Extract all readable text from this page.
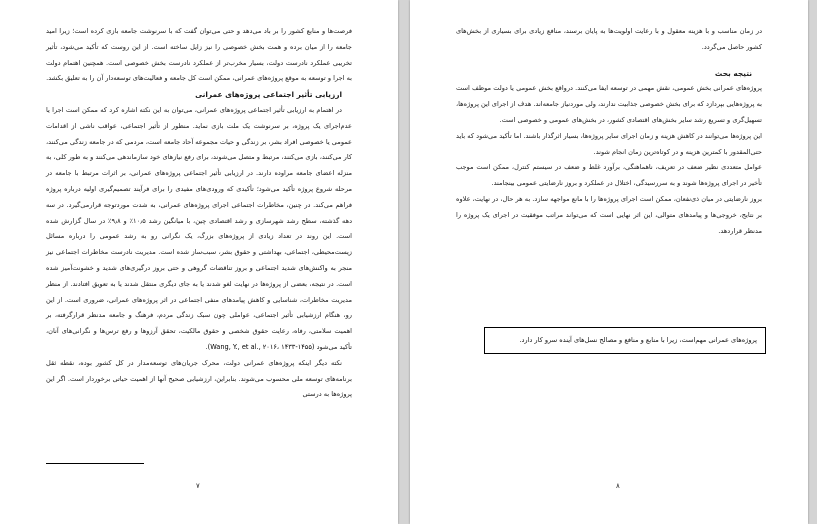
فرصت‌ها و منابع کشور را بر باد می‌دهد و حتی می‌توان گفت که با سرنوشت جامعه بازی کرده است؛ زیرا امید جامعه را از میان برده و همت بخش خصوصی را نیز زایل ساخته است. از این روست که تأکید می‌شود، تأثیر تخریبی عملکرد نادرست دولت، بسیار مخرب‌تر از عملکرد نادرست بخش خصوصی است. همچنین اهتمام دولت به اجرا و توسعه به موقع پروژه‌های عمرانی، ممکن است کل جامعه و فعالیت‌های توسعه‌دار آن را به تعلیق بکشد.

ارزیابی تأثیر اجتماعی پروژه‌های عمرانی

در اهتمام به ارزیابی تأثیر اجتماعی پروژه‌های عمرانی، می‌توان به این نکته اشاره کرد که ممکن است اجرا یا عدم‌اجرای یک پروژه، بر سرنوشت یک ملت بازی نماید. منظور از تأثیر اجتماعی، عواقب ناشی از اقدامات عمومی یا خصوصی افراد بشر، بر زندگی و حیات مجموعه آحاد جامعه است، مردمی که در جامعه زندگی می‌کنند، کار می‌کنند، بازی می‌کنند، مرتبط و متصل می‌شوند، برای رفع نیازهای خود سازماندهی می‌کنند و به طور کلی، به منزله اعضای جامعه مراوده دارند. در ارزیابی تأثیر اجتماعی پروژه‌های عمرانی، بر اثرات مرتبط با جامعه در مرحله شروع پروژه تأکید می‌شود؛ تأکیدی که ورودی‌های مفیدی را برای فرآیند تصمیم‌گیری اولیه درباره پروژه فراهم می‌کند. در چنین، مخاطرات اجتماعی اجرای پروژه‌های عمرانی، به شدت موردتوجه قرارمی‌گیرد. در سه دهه گذشته، سطح رشد شهرسازی و رشد اقتصادی چین، با میانگین رشد ۱۰٫۵٪ و ۹٫۸٪ در سال گزارش شده است. این روند در تعداد زیادی از پروژه‌های بزرگ، یک نگرانی رو به رشد عمومی را درباره مسائل زیست‌محیطی، اجتماعی، بهداشتی و حقوق بشر، سبب‌ساز شده است. مدیریت نادرست مخاطرات اجتماعی نیز منجر به واکنش‌های شدید اجتماعی و بروز تناقضات گروهی و حتی بروز درگیری‌های شدید و خشونت‌آمیز شده است. در نتیجه، بعضی از پروژه‌ها در نهایت لغو شدند یا به جای دیگری منتقل شدند یا به تعویق افتادند. از منظر مدیریت مخاطرات، شناسایی و کاهش پیامدهای منفی اجتماعی در اثر پروژه‌های عمرانی، ضروری است. از این رو، هنگام ارزشیابی تأثیر اجتماعی، عواملی چون سبک زندگی مردم، فرهنگ و جامعه مدنظر قرارگرفته، بر اهمیت سلامتی، رفاه، رعایت حقوق شخصی و حقوق مالکیت، تحقق آرزوها و رفع ترس‌ها و نگرانی‌های آنان، تأکید می‌شود (Wang, Y., et al., ۲۰۱۶، ۱۴۳۳-۱۴۵۵).

نکته دیگر اینکه پروژه‌های عمرانی دولت، محرک جریان‌های توسعه‌مدار در کل کشور بوده، نقطه ثقل برنامه‌های توسعه ملی محسوب می‌شوند. بنابراین، ارزشیابی صحیح آنها از اهمیت حیاتی برخوردار است. اگر این پروژه‌ها به درستی

۷

در زمان مناسب و با هزینه معقول و با رعایت اولویت‌ها به پایان برسند، منافع زیادی برای بسیاری از بخش‌های کشور حاصل می‌گردد.

نتیجه بحث

پروژه‌های عمرانی بخش عمومی، نقش مهمی در توسعه ایفا می‌کنند. درواقع بخش عمومی یا دولت موظف است به پروژه‌هایی بپردازد که برای بخش خصوصی جذابیت ندارند، ولی موردنیاز جامعه‌اند. هدف از اجرای این پروژه‌ها، تسهیل‌گری و تسریع رشد سایر بخش‌های اقتصادی کشور، در بخش‌های عمومی و خصوصی است.

این پروژه‌ها می‌توانند در کاهش هزینه و زمان اجرای سایر پروژه‌ها، بسیار اثرگذار باشند. اما تأکید می‌شود که باید حتی‌المقدور با کمترین هزینه و در کوتاه‌ترین زمان انجام شوند.

عوامل متعددی نظیر ضعف در تعریف، ناهماهنگی، برآورد غلط و ضعف در سیستم کنترل، ممکن است موجب تأخیر در اجرای پروژه‌ها شوند و به سررسیدگی، اختلال در عملکرد و بروز نارضایتی عمومی بینجامند.

بروز نارضایتی در میان ذی‌نفعان، ممکن است اجرای پروژه‌ها را با مانع مواجهه سازد. به هر حال، در نهایت، علاوه بر نتایج، خروجی‌ها و پیامدهای متوالی، این اثر نهایی است که می‌تواند مراتب موفقیت در اجرای یک پروژه را مدنظر قراردهد.

پروژه‌های عمرانی مهم‌است، زیرا با منابع و منافع و مصالح نسل‌های آینده سرو کار دارد.
۸
